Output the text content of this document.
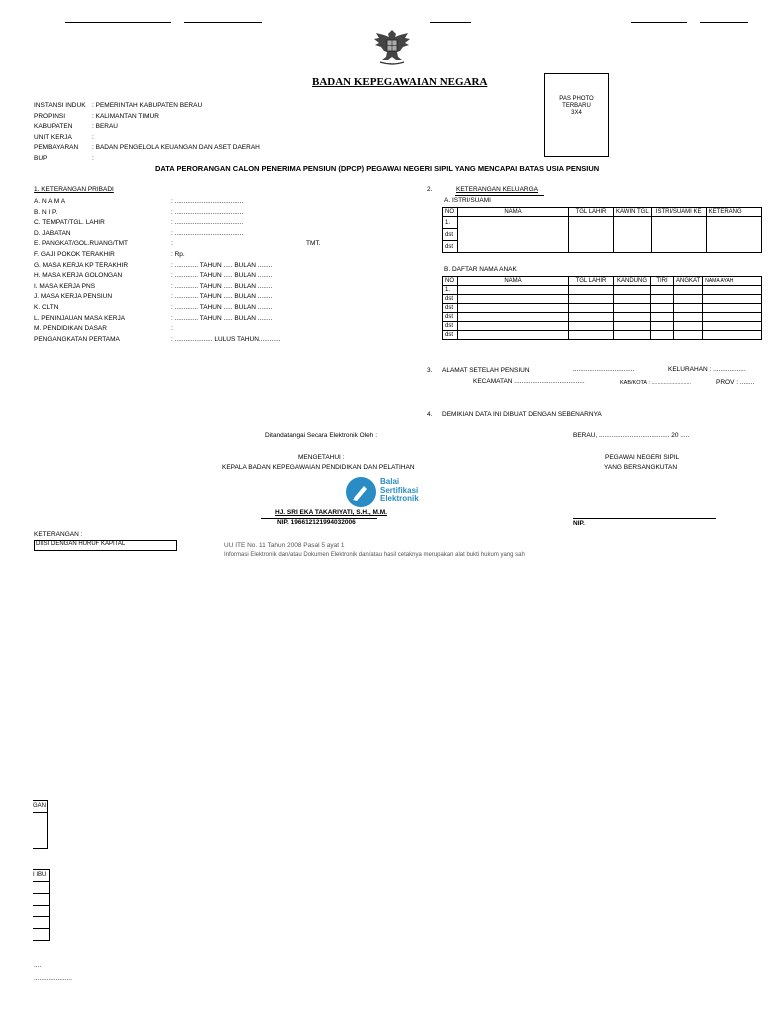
BADAN KEPEGAWAIAN NEGARA
PAS PHOTO
TERBARU
3X4
INSTANSI INDUK : PEMERINTAH KABUPATEN BERAU
PROPINSI	: KALIMANTAN TIMUR
KABUPATEN	: BERAU
UNIT KERJA	:
PEMBAYARAN : BADAN PENGELOLA KEUANGAN DAN ASET DAERAH
BUP	:
DATA PERORANGAN CALON PENERIMA PENSIUN (DPCP) PEGAWAI NEGERI SIPIL YANG MENCAPAI BATAS USIA PENSIUN
1. KETERANGAN PRIBADI
A. N A M A	: ......................................
B. N I P.	: ......................................
C. TEMPAT/TGL. LAHIR	: ......................................
D. JABATAN	: ......................................
E. PANGKAT/GOL.RUANG/TMT	:	TMT.
F. GAJI POKOK TERAKHIR	: Rp.
G. MASA KERJA KP TERAKHIR	: ............. TAHUN ..... BULAN ........
H. MASA KERJA GOLONGAN	: ............. TAHUN ..... BULAN ........
I. MASA KERJA PNS	: ............. TAHUN ..... BULAN ........
J. MASA KERJA PENSIUN	: ............. TAHUN ..... BULAN ........
K. CLTN	: ............. TAHUN ..... BULAN ........
L. PENINJAUAN MASA KERJA	: ............. TAHUN ..... BULAN ........
M. PENDIDIKAN DASAR	:
PENGANGKATAN PERTAMA	: ..................... LULUS TAHUN............
2.	KETERANGAN KELUARGA
A. ISTRI/SUAMI
NO	NAMA	TGL LAHIR	KAWIN TGL	ISTRI/SUAMI KE	KETERANG
1.					
dst					
dst					
B. DAFTAR NAMA ANAK
NO	NAMA	TGL LAHIR	KANDUNG	TIRI	ANGKAT	NAMA AYAH
1.						
dst						
dst						
dst						
dst						
dst						
3. ALAMAT SETELAH PENSIUN	..................................	KELURAHAN : ..................
KECAMATAN .......................................	KAB/KOTA : ..........................	PROV : ........
4. DEMIKIAN DATA INI DIBUAT DENGAN SEBENARNYA
Ditandatangai Secara Elektronik Oleh :
MENGETAHUI :
KEPALA BADAN KEPEGAWAIAN PENDIDIKAN DAN PELATIHAN
Balai
Sertifikasi
Elektronik
HJ. SRI EKA TAKARIYATI, S.H., M.M.
NIP. 196612121994032006
BERAU, ....................................... 20 .....
PEGAWAI NEGERI SIPIL
YANG BERSANGKUTAN
NIP.
KETERANGAN :
DIISI DENGAN HURUF KAPITAL	UU ITE No. 11 Tahun 2008 Pasal 5 ayat 1
Informasi Elektronik dan/atau Dokumen Elektronik dan/atau hasil cetaknya merupakan alat bukti hukum yang sah
GAN
I IBU
....
.....................
